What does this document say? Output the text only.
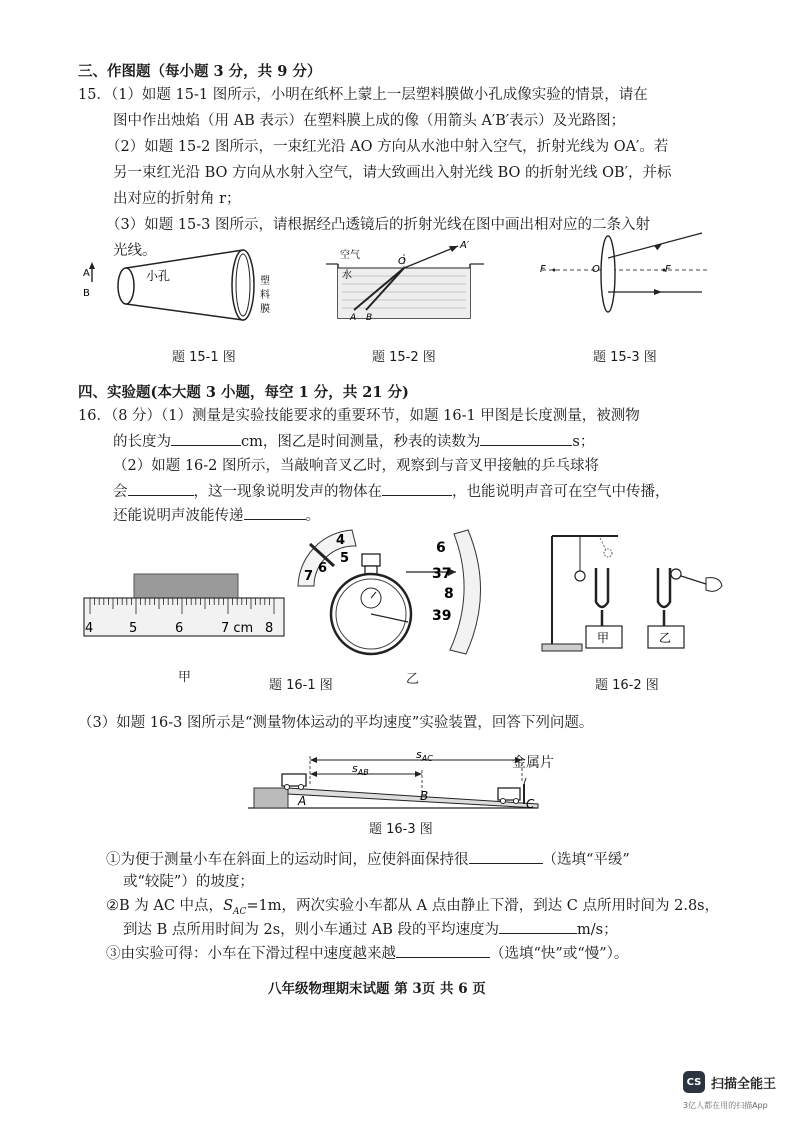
三、作图题（每小题 3 分，共 9 分）
15．（1）如题 15-1 图所示，小明在纸杯上蒙上一层塑料膜做小孔成像实验的情景，请在
图中作出烛焰（用 AB 表示）在塑料膜上成的像（用箭头 A′B′表示）及光路图；
（2）如题 15-2 图所示，一束红光沿 AO 方向从水池中射入空气，折射光线为 OA′。若
另一束红光沿 BO 方向从水射入空气，请大致画出入射光线 BO 的折射光线 OB′，并标
出对应的折射角 r；
（3）如题 15-3 图所示，请根据经凸透镜后的折射光线在图中画出相对应的二条入射
光线。
A
B
小孔	塑
料
膜
题 15-1 图
空气
水
O
A′
A B
题 15-2 图
F	O	F
题 15-3 图
四、实验题(本大题 3 小题，每空 1 分，共 21 分)
16．（8 分）（1）测量是实验技能要求的重要环节，如题 16-1 甲图是长度测量，被测物
的长度为	cm，图乙是时间测量，秒表的读数为	s；
（2）如题 16-2 图所示，当敲响音叉乙时，观察到与音叉甲接触的乒乓球将
会	，这一现象说明发声的物体在	，也能说明声音可在空气中传播，
还能说明声波能传递	。
4	5	6	7 cm 8
甲
4
5
6
7
6
37
8
39
题 16-1 图	乙
甲	乙
题 16-2 图
（3）如题 16-3 图所示是“测量物体运动的平均速度”实验装置，回答下列问题。
$s_{AC}$
$s_{AB}$
A	B
C
金属片
题 16-3 图
①为便于测量小车在斜面上的运动时间，应使斜面保持很	（选填“平缓”
或“较陡”）的坡度；
②B 为 AC 中点，$S_{AC}=1m$，两次实验小车都从 A 点由静止下滑，到达 C 点所用时间为 2.8s，
到达 B 点所用时间为 2s，则小车通过 AB 段的平均速度为	m/s；
③由实验可得：小车在下滑过程中速度越来越	（选填“快”或“慢”）。
八年级物理期末试题 第 3页 共 6 页
CS 扫描全能王
3亿人都在用的扫描App
